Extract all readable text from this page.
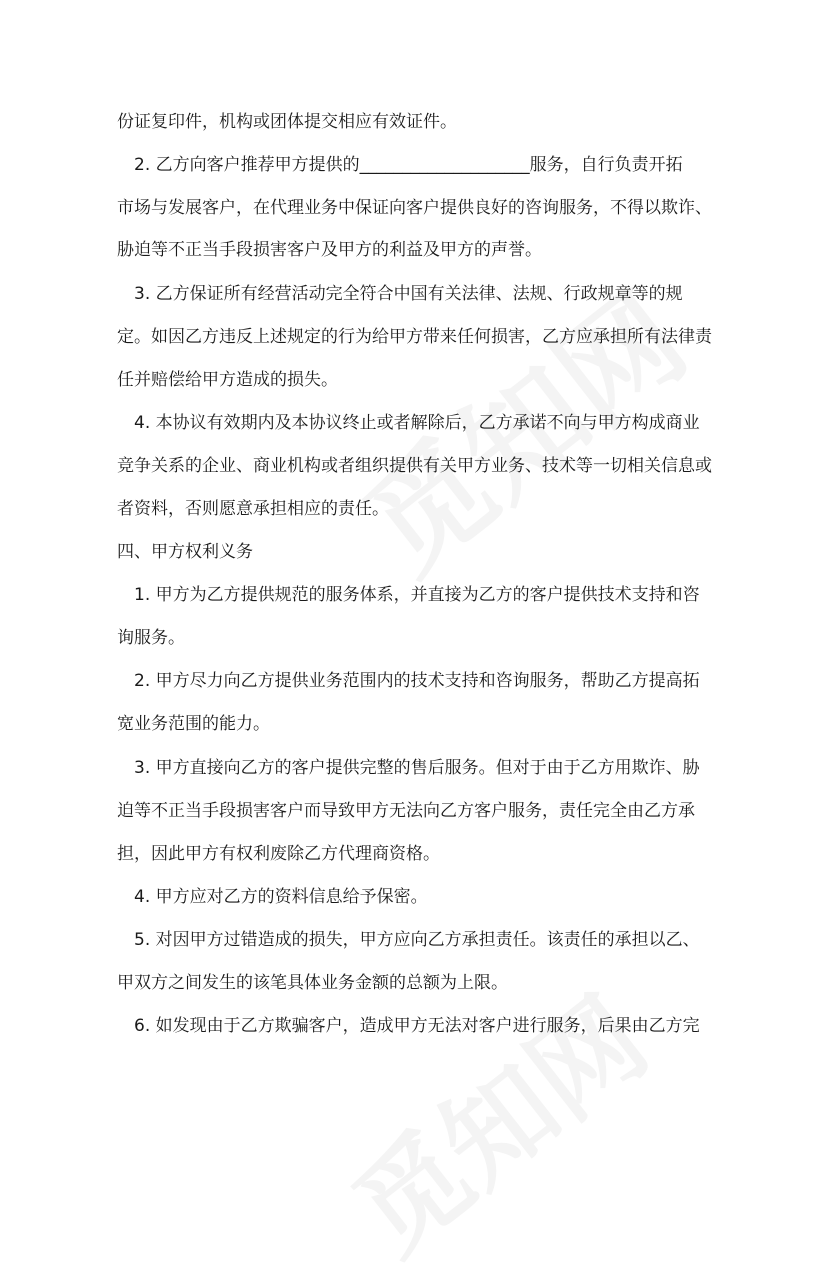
份证复印件，机构或团体提交相应有效证件。
2. 乙方向客户推荐甲方提供的____________________服务，自行负责开拓
市场与发展客户，在代理业务中保证向客户提供良好的咨询服务，不得以欺诈、
胁迫等不正当手段损害客户及甲方的利益及甲方的声誉。
3. 乙方保证所有经营活动完全符合中国有关法律、法规、行政规章等的规
定。如因乙方违反上述规定的行为给甲方带来任何损害，乙方应承担所有法律责
任并赔偿给甲方造成的损失。
4. 本协议有效期内及本协议终止或者解除后，乙方承诺不向与甲方构成商业
竞争关系的企业、商业机构或者组织提供有关甲方业务、技术等一切相关信息或
者资料，否则愿意承担相应的责任。
四、甲方权利义务
1. 甲方为乙方提供规范的服务体系，并直接为乙方的客户提供技术支持和咨
询服务。
2. 甲方尽力向乙方提供业务范围内的技术支持和咨询服务，帮助乙方提高拓
宽业务范围的能力。
3. 甲方直接向乙方的客户提供完整的售后服务。但对于由于乙方用欺诈、胁
迫等不正当手段损害客户而导致甲方无法向乙方客户服务，责任完全由乙方承
担，因此甲方有权利废除乙方代理商资格。
4. 甲方应对乙方的资料信息给予保密。
5. 对因甲方过错造成的损失，甲方应向乙方承担责任。该责任的承担以乙、
甲双方之间发生的该笔具体业务金额的总额为上限。
6. 如发现由于乙方欺骗客户，造成甲方无法对客户进行服务，后果由乙方完
